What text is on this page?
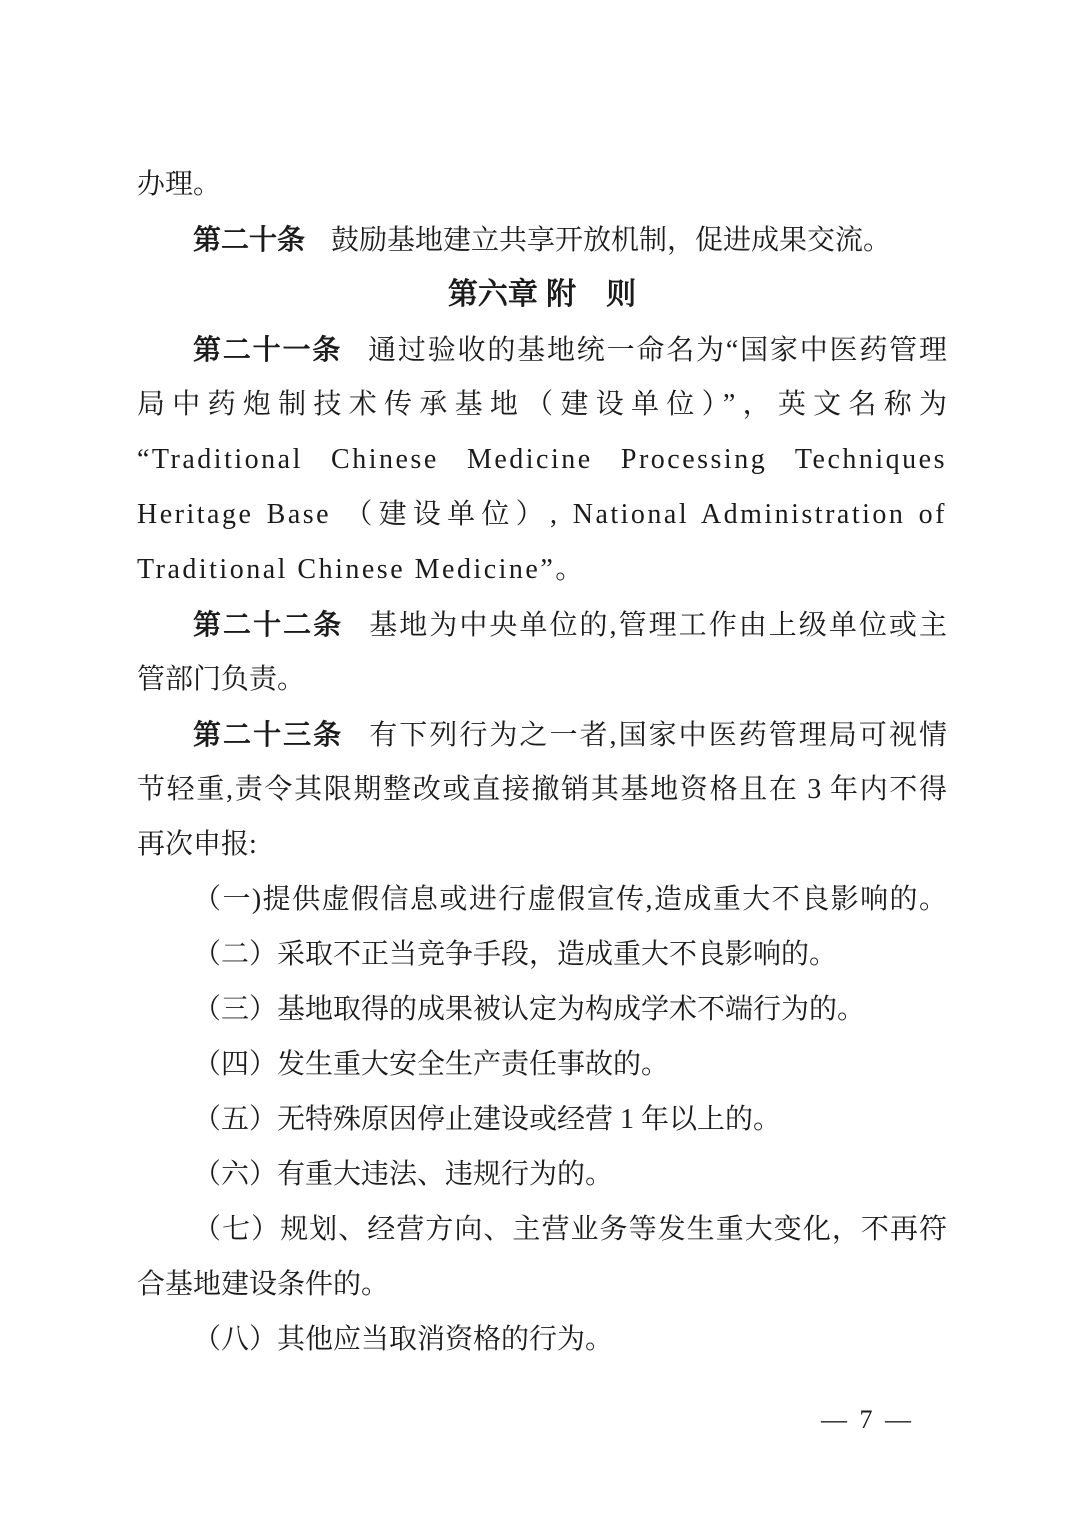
办理。
第二十条 鼓励基地建立共享开放机制，促进成果交流。
第六章 附　则
第二十一条 通过验收的基地统一命名为“国家中医药管理
局中药炮制技术传承基地（建设单位）”，英文名称为
“Traditional Chinese Medicine Processing Techniques
Heritage Base （建设单位）, National Administration of
Traditional Chinese Medicine”。
第二十二条 基地为中央单位的,管理工作由上级单位或主
管部门负责。
第二十三条 有下列行为之一者,国家中医药管理局可视情
节轻重,责令其限期整改或直接撤销其基地资格且在 3 年内不得
再次申报:
（一)提供虚假信息或进行虚假宣传,造成重大不良影响的。
（二）采取不正当竞争手段，造成重大不良影响的。
（三）基地取得的成果被认定为构成学术不端行为的。
（四）发生重大安全生产责任事故的。
（五）无特殊原因停止建设或经营 1 年以上的。
（六）有重大违法、违规行为的。
（七）规划、经营方向、主营业务等发生重大变化，不再符
合基地建设条件的。
（八）其他应当取消资格的行为。
— 7 —
